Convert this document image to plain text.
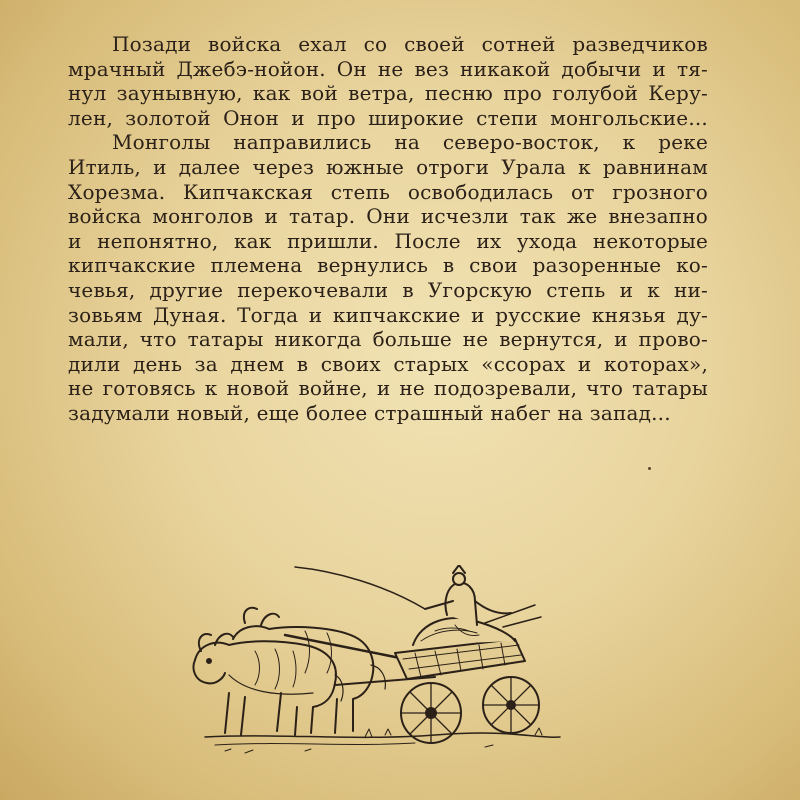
Позади войска ехал со своей сотней разведчиков
мрачный Джебэ-нойон. Он не вез никакой добычи и тя-
нул заунывную, как вой ветра, песню про голубой Керу-
лен, золотой Онон и про широкие степи монгольские...
Монголы направились на северо-восток, к реке
Итиль, и далее через южные отроги Урала к равнинам
Хорезма. Кипчакская степь освободилась от грозного
войска монголов и татар. Они исчезли так же внезапно
и непонятно, как пришли. После их ухода некоторые
кипчакские племена вернулись в свои разоренные ко-
чевья, другие перекочевали в Угорскую степь и к ни-
зовьям Дуная. Тогда и кипчакские и русские князья ду-
мали, что татары никогда больше не вернутся, и прово-
дили день за днем в своих старых «ссорах и которах»,
не готовясь к новой войне, и не подозревали, что татары
задумали новый, еще более страшный набег на запад...
